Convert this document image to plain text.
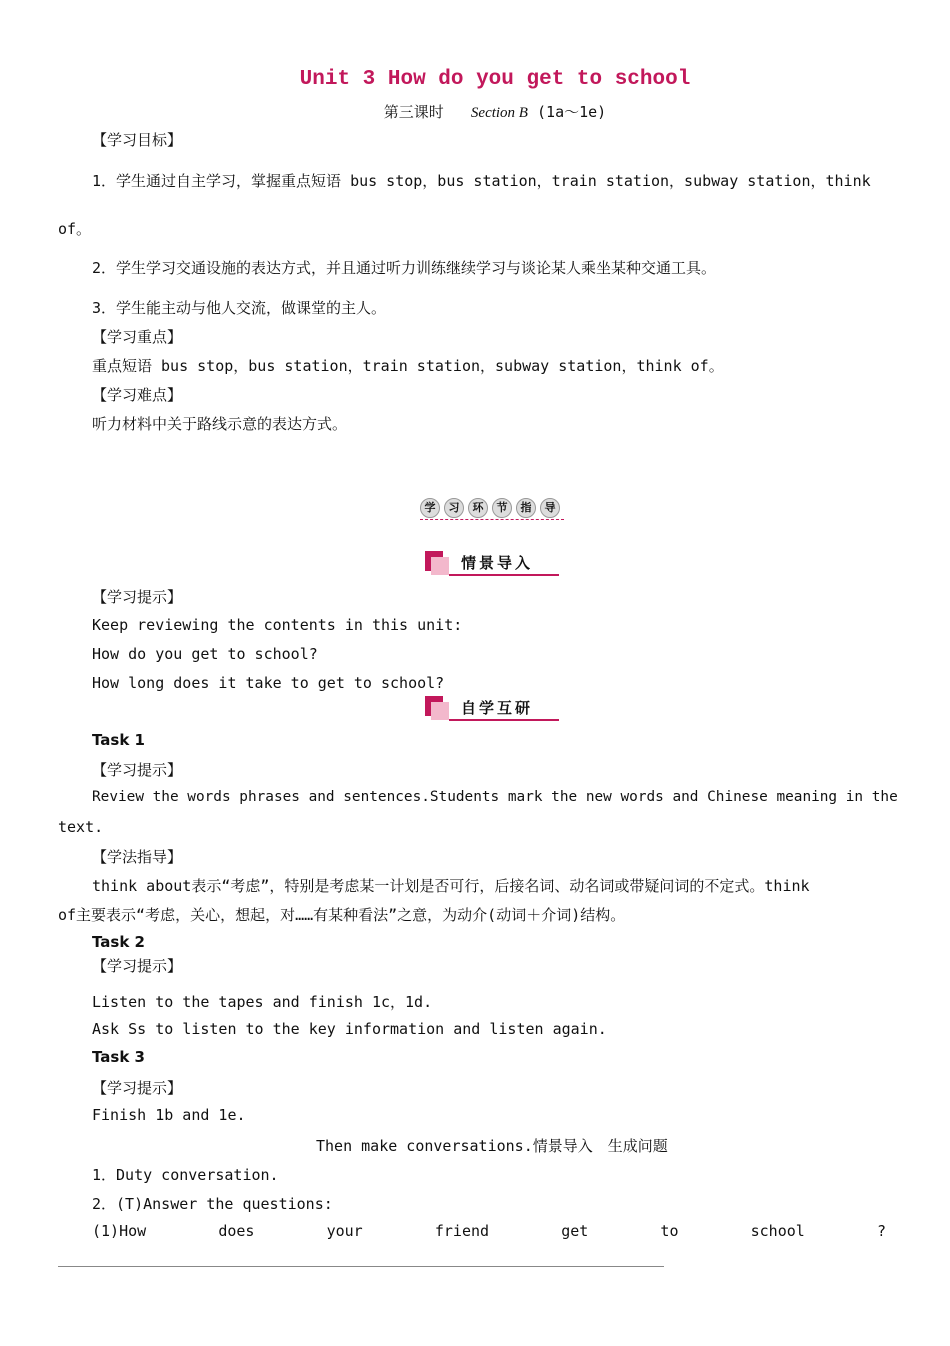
Unit 3 How do you get to school
第三课时 Section B (1a～1e)
【学习目标】
1．学生通过自主学习，掌握重点短语 bus stop，bus station，train station，subway station，think
of。
2．学生学习交通设施的表达方式，并且通过听力训练继续学习与谈论某人乘坐某种交通工具。
3．学生能主动与他人交流，做课堂的主人。
【学习重点】
重点短语 bus stop，bus station，train station，subway station，think of。
【学习难点】
听力材料中关于路线示意的表达方式。
学 习 环 节 指 导
情景导入
【学习提示】
Keep reviewing the contents in this unit:
How do you get to school?
How long does it take to get to school?
自学互研
Task 1
【学习提示】
Review the words phrases and sentences.Students mark the new words and Chinese meaning in the
text.
【学法指导】
think about表示“考虑”，特别是考虑某一计划是否可行，后接名词、动名词或带疑问词的不定式。think
of主要表示“考虑，关心，想起，对……有某种看法”之意，为动介(动词＋介词)结构。
Task 2
【学习提示】
Listen to the tapes and finish 1c，1d.
Ask Ss to listen to the key information and listen again.
Task 3
【学习提示】
Finish 1b and 1e.
Then make conversations.情景导入　生成问题
1．Duty conversation.
2．(T)Answer the questions:
(1)How	does	your	friend	get	to	school	?
